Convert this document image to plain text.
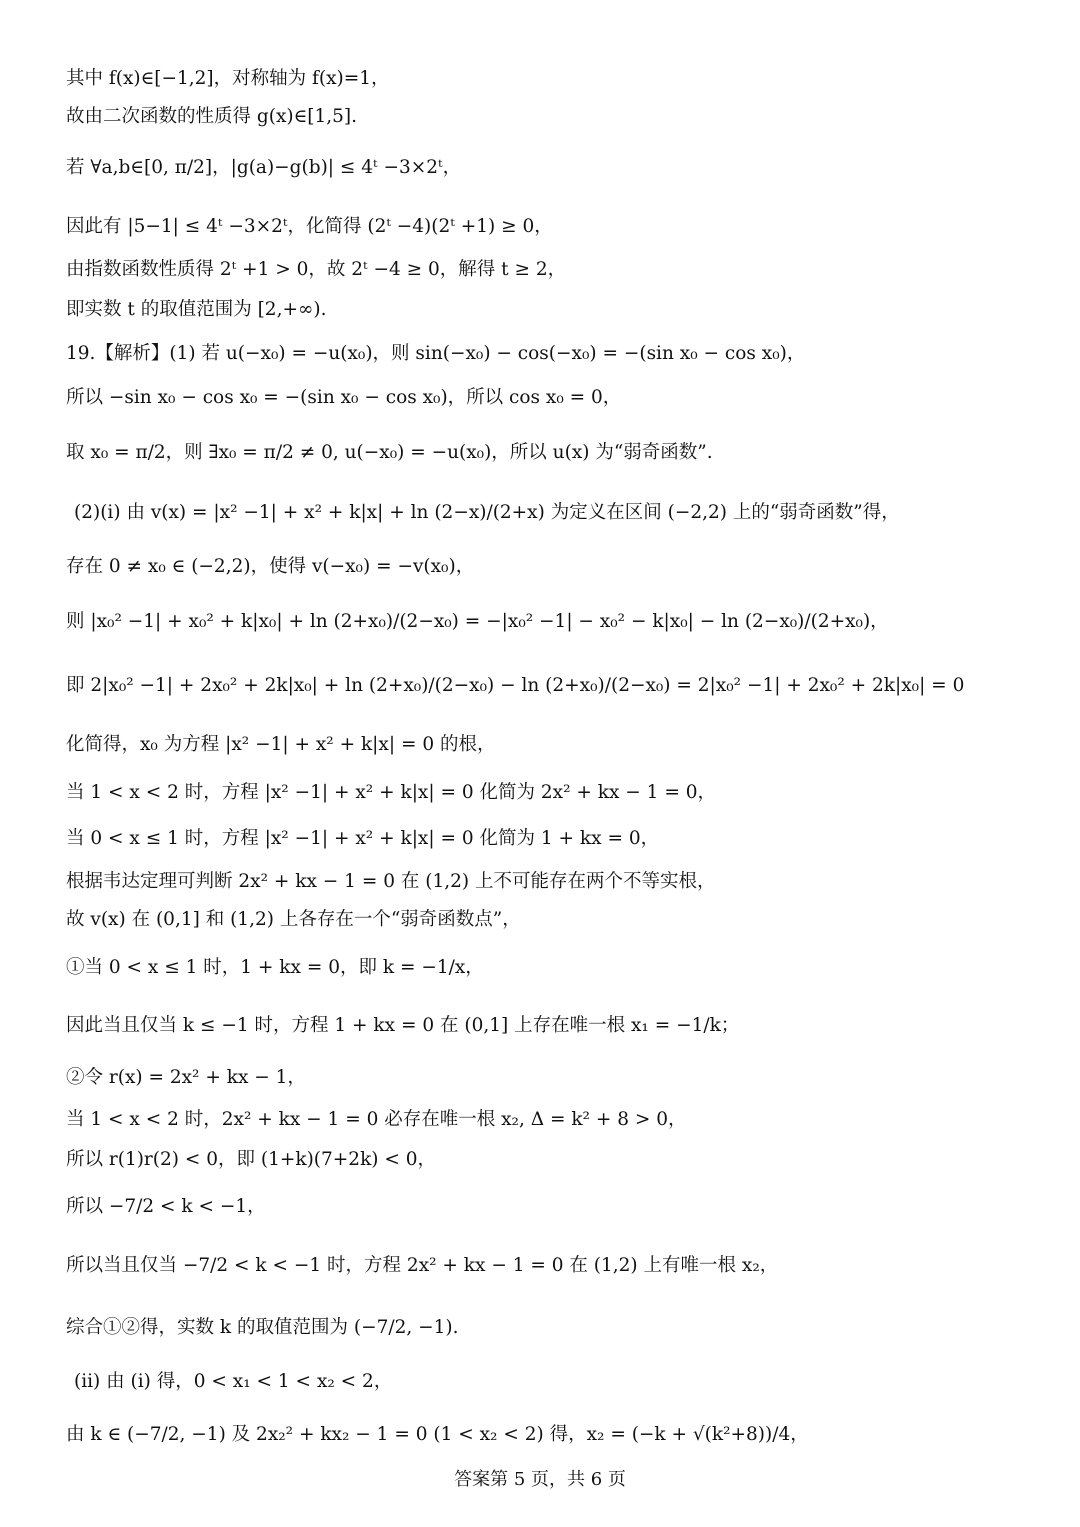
其中 f(x)∈[−1,2]，对称轴为 f(x)=1，
故由二次函数的性质得 g(x)∈[1,5].
若 ∀a,b∈[0, π/2]，|g(a)−g(b)| ≤ 4ᵗ −3×2ᵗ，
因此有 |5−1| ≤ 4ᵗ −3×2ᵗ，化简得 (2ᵗ −4)(2ᵗ +1) ≥ 0，
由指数函数性质得 2ᵗ +1 > 0，故 2ᵗ −4 ≥ 0，解得 t ≥ 2，
即实数 t 的取值范围为 [2,+∞).
19.【解析】(1) 若 u(−x₀) = −u(x₀)，则 sin(−x₀) − cos(−x₀) = −(sin x₀ − cos x₀)，
所以 −sin x₀ − cos x₀ = −(sin x₀ − cos x₀)，所以 cos x₀ = 0，
取 x₀ = π/2，则 ∃x₀ = π/2 ≠ 0, u(−x₀) = −u(x₀)，所以 u(x) 为“弱奇函数”.
(2)(i) 由 v(x) = |x² −1| + x² + k|x| + ln (2−x)/(2+x) 为定义在区间 (−2,2) 上的“弱奇函数”得，
存在 0 ≠ x₀ ∈ (−2,2)，使得 v(−x₀) = −v(x₀)，
则 |x₀² −1| + x₀² + k|x₀| + ln (2+x₀)/(2−x₀) = −|x₀² −1| − x₀² − k|x₀| − ln (2−x₀)/(2+x₀)，
即 2|x₀² −1| + 2x₀² + 2k|x₀| + ln (2+x₀)/(2−x₀) − ln (2+x₀)/(2−x₀) = 2|x₀² −1| + 2x₀² + 2k|x₀| = 0
化简得，x₀ 为方程 |x² −1| + x² + k|x| = 0 的根，
当 1 < x < 2 时，方程 |x² −1| + x² + k|x| = 0 化简为 2x² + kx − 1 = 0，
当 0 < x ≤ 1 时，方程 |x² −1| + x² + k|x| = 0 化简为 1 + kx = 0，
根据韦达定理可判断 2x² + kx − 1 = 0 在 (1,2) 上不可能存在两个不等实根，
故 v(x) 在 (0,1] 和 (1,2) 上各存在一个“弱奇函数点”，
①当 0 < x ≤ 1 时，1 + kx = 0，即 k = −1/x，
因此当且仅当 k ≤ −1 时，方程 1 + kx = 0 在 (0,1] 上存在唯一根 x₁ = −1/k；
②令 r(x) = 2x² + kx − 1，
当 1 < x < 2 时，2x² + kx − 1 = 0 必存在唯一根 x₂, Δ = k² + 8 > 0，
所以 r(1)r(2) < 0，即 (1+k)(7+2k) < 0，
所以 −7/2 < k < −1，
所以当且仅当 −7/2 < k < −1 时，方程 2x² + kx − 1 = 0 在 (1,2) 上有唯一根 x₂，
综合①②得，实数 k 的取值范围为 (−7/2, −1).
(ii) 由 (i) 得，0 < x₁ < 1 < x₂ < 2，
由 k ∈ (−7/2, −1) 及 2x₂² + kx₂ − 1 = 0 (1 < x₂ < 2) 得，x₂ = (−k + √(k²+8))/4，
答案第 5 页，共 6 页
